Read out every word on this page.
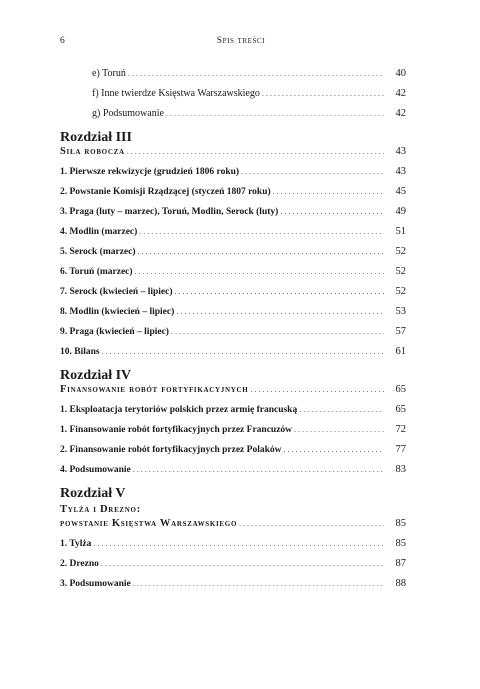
6	Spis treści
e) Toruń . . .	40
f) Inne twierdze Księstwa Warszawskiego . . .	42
g) Podsumowanie . . .	42
Rozdział III
Siła robocza . . .	43
1. Pierwsze rekwizycje (grudzień 1806 roku) . . .	43
2. Powstanie Komisji Rządzącej (styczeń 1807 roku) . . .	45
3. Praga (luty – marzec), Toruń, Modlin, Serock (luty) . . .	49
4. Modlin (marzec) . . .	51
5. Serock (marzec) . . .	52
6. Toruń (marzec) . . .	52
7. Serock (kwiecień – lipiec) . . .	52
8. Modlin (kwiecień – lipiec) . . .	53
9. Praga (kwiecień – lipiec) . . .	57
10. Bilans . . .	61
Rozdział IV
Finansowanie robót fortyfikacyjnych . . .	65
1. Eksploatacja terytoriów polskich przez armię francuską . . .	65
1. Finansowanie robót fortyfikacyjnych przez Francuzów . . .	72
2. Finansowanie robót fortyfikacyjnych przez Polaków . . .	77
4. Podsumowanie . . .	83
Rozdział V
Tylża i Drezno:
powstanie Księstwa Warszawskiego . . .	85
1. Tylża . . .	85
2. Drezno . . .	87
3. Podsumowanie . . .	88
